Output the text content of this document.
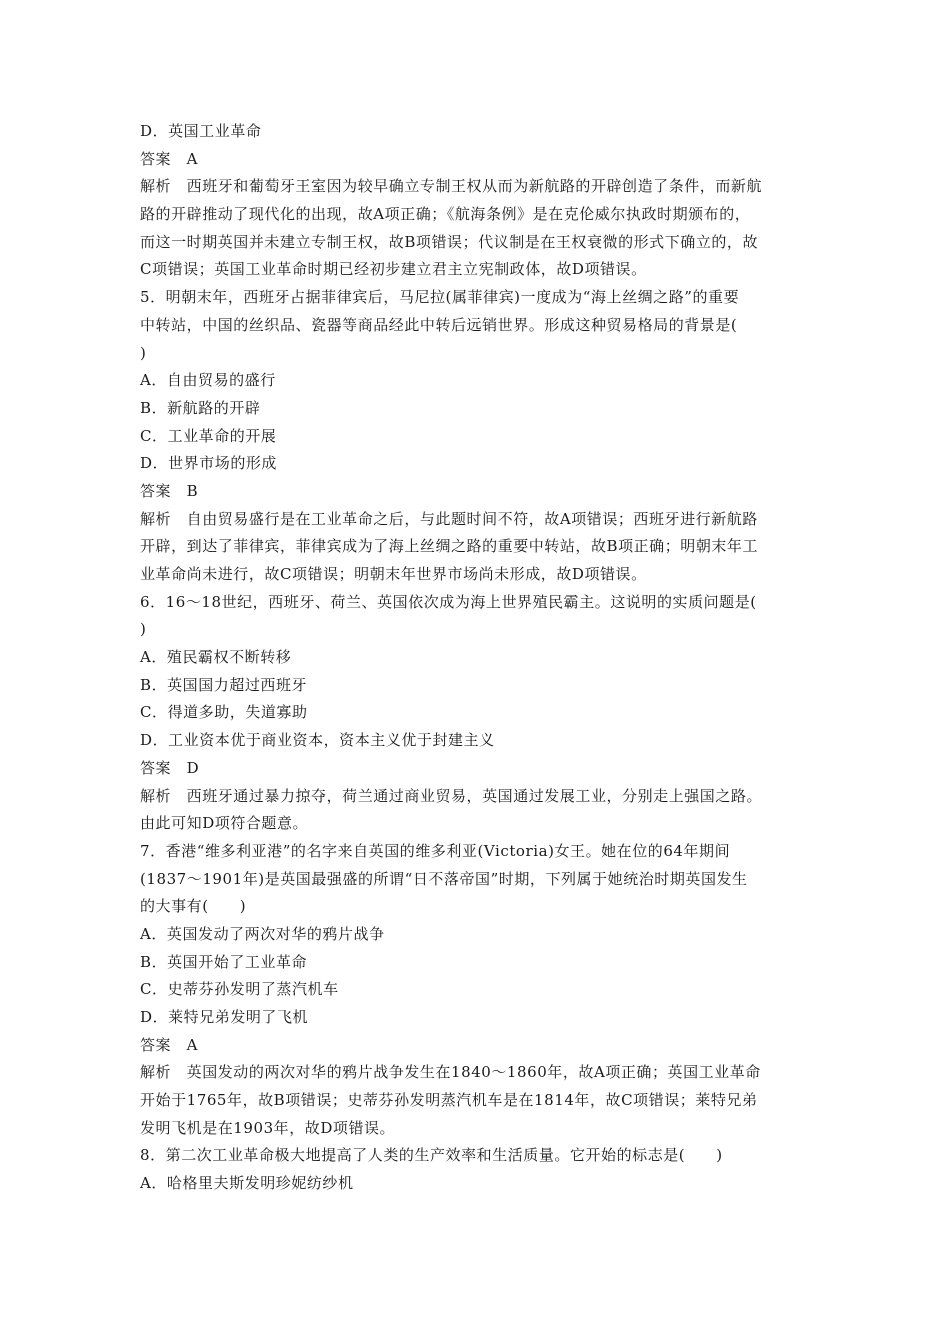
D．英国工业革命
答案　A
解析　西班牙和葡萄牙王室因为较早确立专制王权从而为新航路的开辟创造了条件，而新航
路的开辟推动了现代化的出现，故A项正确；《航海条例》是在克伦威尔执政时期颁布的，
而这一时期英国并未建立专制王权，故B项错误；代议制是在王权衰微的形式下确立的，故
C项错误；英国工业革命时期已经初步建立君主立宪制政体，故D项错误。
5．明朝末年，西班牙占据菲律宾后，马尼拉(属菲律宾)一度成为“海上丝绸之路”的重要
中转站，中国的丝织品、瓷器等商品经此中转后远销世界。形成这种贸易格局的背景是(
)
A．自由贸易的盛行
B．新航路的开辟
C．工业革命的开展
D．世界市场的形成
答案　B
解析　自由贸易盛行是在工业革命之后，与此题时间不符，故A项错误；西班牙进行新航路
开辟，到达了菲律宾，菲律宾成为了海上丝绸之路的重要中转站，故B项正确；明朝末年工
业革命尚未进行，故C项错误；明朝末年世界市场尚未形成，故D项错误。
6．16～18世纪，西班牙、荷兰、英国依次成为海上世界殖民霸主。这说明的实质问题是(
)
A．殖民霸权不断转移
B．英国国力超过西班牙
C．得道多助，失道寡助
D．工业资本优于商业资本，资本主义优于封建主义
答案　D
解析　西班牙通过暴力掠夺，荷兰通过商业贸易，英国通过发展工业，分别走上强国之路。
由此可知D项符合题意。
7．香港“维多利亚港”的名字来自英国的维多利亚(Victoria)女王。她在位的64年期间
(1837～1901年)是英国最强盛的所谓“日不落帝国”时期，下列属于她统治时期英国发生
的大事有(　　)
A．英国发动了两次对华的鸦片战争
B．英国开始了工业革命
C．史蒂芬孙发明了蒸汽机车
D．莱特兄弟发明了飞机
答案　A
解析　英国发动的两次对华的鸦片战争发生在1840～1860年，故A项正确；英国工业革命
开始于1765年，故B项错误；史蒂芬孙发明蒸汽机车是在1814年，故C项错误；莱特兄弟
发明飞机是在1903年，故D项错误。
8．第二次工业革命极大地提高了人类的生产效率和生活质量。它开始的标志是(　　)
A．哈格里夫斯发明珍妮纺纱机
